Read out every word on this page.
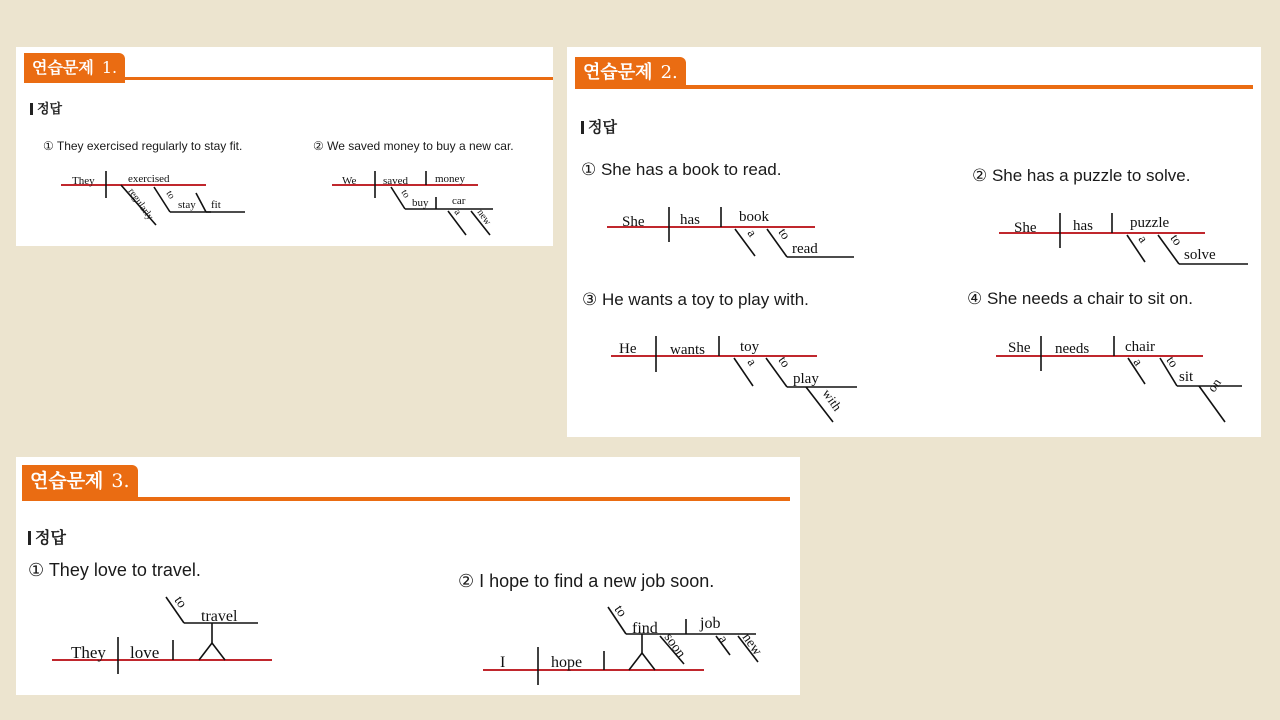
연습문제 1.
정답
① They exercised regularly to stay fit.	② We saved money to buy a new car.
They	exercised
regularly to
stay fit
We saved money
to
buy car
a new
연습문제 2.
정답
① She has a book to read.	② She has a puzzle to solve.
③ He wants a toy to play with.	④ She needs a chair to sit on.
She has	book
a to
read
She has puzzle
a to
solve
He wants toy
a to
play
with
She needs chair
a to
sit on
연습문제 3.
정답
① They love to travel.
② I hope to find a new job soon.
They love
to
travel
I	hope
to
find	job
soon a new
